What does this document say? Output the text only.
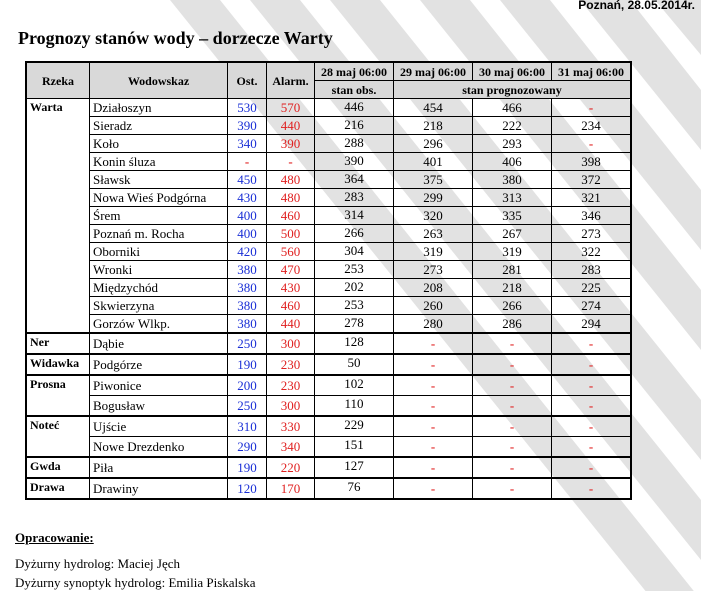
Poznań, 28.05.2014r.
Prognozy stanów wody – dorzecze Warty
Rzeka	Wodowskaz	Ost.	Alarm.	28 maj 06:00	29 maj 06:00	30 maj 06:00	31 maj 06:00
				stan obs.	stan prognozowany		
Warta	Działoszyn	530	570	446	454	466	-
	Sieradz	390	440	216	218	222	234
	Koło	340	390	288	296	293	-
	Konin śluza	-	-	390	401	406	398
	Sławsk	450	480	364	375	380	372
	Nowa Wieś Podgórna	430	480	283	299	313	321
	Śrem	400	460	314	320	335	346
	Poznań m. Rocha	400	500	266	263	267	273
	Oborniki	420	560	304	319	319	322
	Wronki	380	470	253	273	281	283
	Międzychód	380	430	202	208	218	225
	Skwierzyna	380	460	253	260	266	274
	Gorzów Wlkp.	380	440	278	280	286	294
Ner	Dąbie	250	300	128	-	-	-
Widawka	Podgórze	190	230	50	-	-	-
Prosna	Piwonice	200	230	102	-	-	-
	Bogusław	250	300	110	-	-	-
Noteć	Ujście	310	330	229	-	-	-
	Nowe Drezdenko	290	340	151	-	-	-
Gwda	Piła	190	220	127	-	-	-
Drawa	Drawiny	120	170	76	-	-	-
Opracowanie:
Dyżurny hydrolog: Maciej Jęch
Dyżurny synoptyk hydrolog: Emilia Piskalska
